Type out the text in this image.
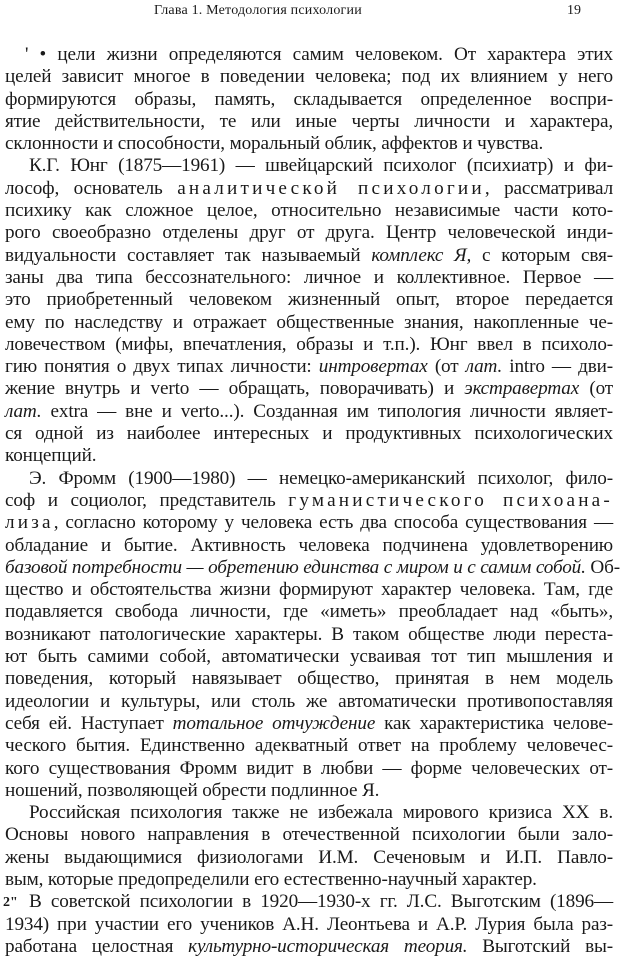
Глава 1. Методология психологии	19
' • цели жизни определяются самим человеком. От характера этих
целей зависит многое в поведении человека; под их влиянием у него
формируются образы, память, складывается определенное воспри-
ятие действительности, те или иные черты личности и характера,
склонности и способности, моральный облик, аффектов и чувства.
К.Г. Юнг (1875—1961) — швейцарский психолог (психиатр) и фи-
лософ, основатель аналитической психологии, рассматривал
психику как сложное целое, относительно независимые части кото-
рого своеобразно отделены друг от друга. Центр человеческой инди-
видуальности составляет так называемый комплекс Я, с которым свя-
заны два типа бессознательного: личное и коллективное. Первое —
это приобретенный человеком жизненный опыт, второе передается
ему по наследству и отражает общественные знания, накопленные че-
ловечеством (мифы, впечатления, образы и т.п.). Юнг ввел в психоло-
гию понятия о двух типах личности: интровертах (от лат. intro — дви-
жение внутрь и verto — обращать, поворачивать) и экстравертах (от
лат. extra — вне и verto...). Созданная им типология личности являет-
ся одной из наиболее интересных и продуктивных психологических
концепций.
Э. Фромм (1900—1980) — немецко-американский психолог, фило-
соф и социолог, представитель гуманистического психоана-
лиза, согласно которому у человека есть два способа существования —
обладание и бытие. Активность человека подчинена удовлетворению
базовой потребности — обретению единства с миром и с самим собой. Об-
щество и обстоятельства жизни формируют характер человека. Там, где
подавляется свобода личности, где «иметь» преобладает над «быть»,
возникают патологические характеры. В таком обществе люди переста-
ют быть самими собой, автоматически усваивая тот тип мышления и
поведения, который навязывает общество, принятая в нем модель
идеологии и культуры, или столь же автоматически противопоставляя
себя ей. Наступает тотальное отчуждение как характеристика челове-
ческого бытия. Единственно адекватный ответ на проблему человечес-
кого существования Фромм видит в любви — форме человеческих от-
ношений, позволяющей обрести подлинное Я.
Российская психология также не избежала мирового кризиса XX в.
Основы нового направления в отечественной психологии были зало-
жены выдающимися физиологами И.М. Сеченовым и И.П. Павло-
вым, которые предопределили его естественно-научный характер.
В советской психологии в 1920—1930-х гг. Л.С. Выготским (1896—
1934) при участии его учеников А.Н. Леонтьева и А.Р. Лурия была раз-
работана целостная культурно-историческая теория. Выготский вы-
2"
